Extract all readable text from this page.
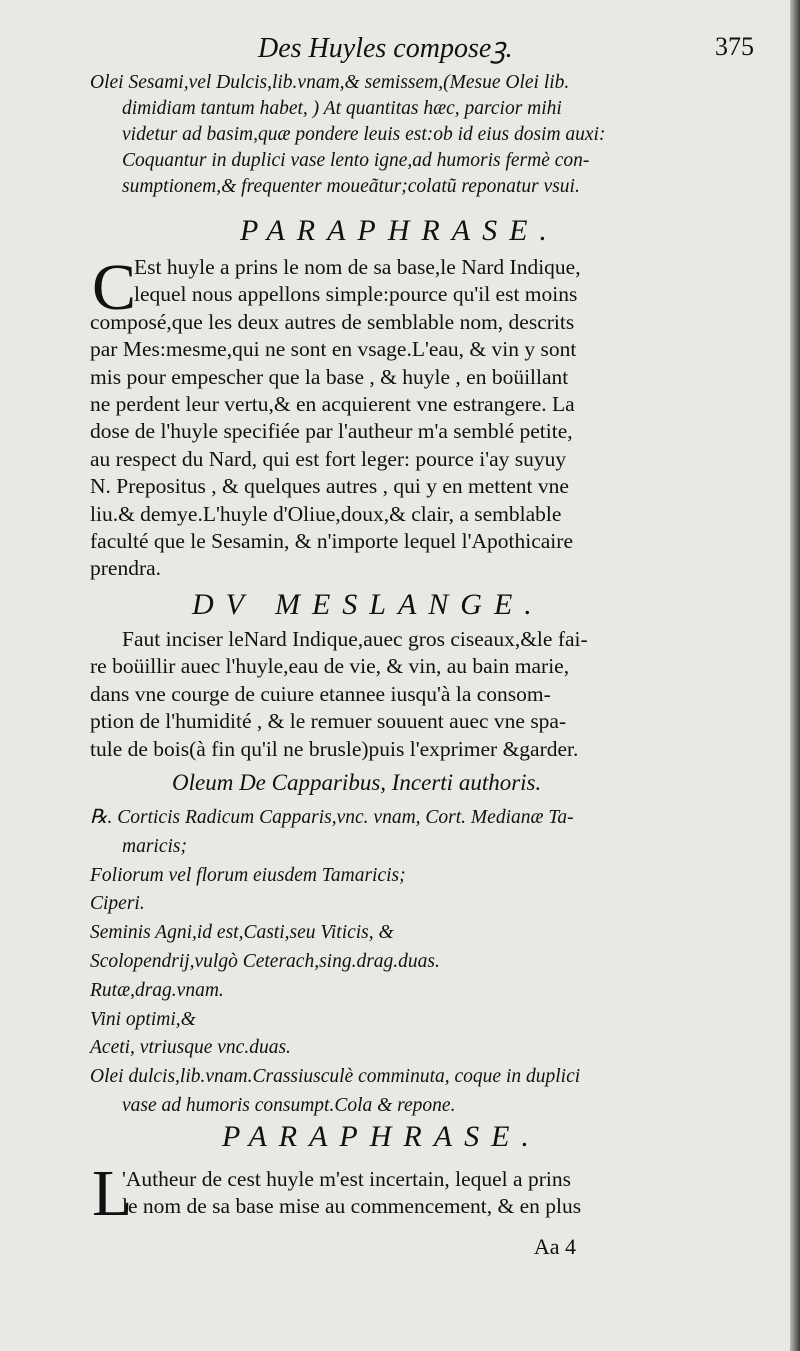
Des Huyles composeꝫ.	375
Olei Sesami,vel Dulcis,lib.vnam,& semissem,(Mesue Olei lib.
dimidiam tantum habet, ) At quantitas hæc, parcior mihi
videtur ad basim,quæ pondere leuis est:ob id eius dosim auxi:
Coquantur in duplici vase lento igne,ad humoris fermè con-
sumptionem,& frequenter moueãtur;colatũ reponatur vsui.
PARAPHRASE.
C
Est huyle a prins le nom de sa base,le Nard Indique,
lequel nous appellons simple:pource qu'il est moins
composé,que les deux autres de semblable nom, descrits
par Mes:mesme,qui ne sont en vsage.L'eau, & vin y sont
mis pour empescher que la base , & huyle , en boüillant
ne perdent leur vertu,& en acquierent vne estrangere. La
dose de l'huyle specifiée par l'autheur m'a semblé petite,
au respect du Nard, qui est fort leger: pource i'ay suyuy
N. Prepositus , & quelques autres , qui y en mettent vne
liu.& demye.L'huyle d'Oliue,doux,& clair, a semblable
faculté que le Sesamin, & n'importe lequel l'Apothicaire
prendra.
DV MESLANGE.
Faut inciser leNard Indique,auec gros ciseaux,&le fai-
re boüillir auec l'huyle,eau de vie, & vin, au bain marie,
dans vne courge de cuiure etannee iusqu'à la consom-
ption de l'humidité , & le remuer souuent auec vne spa-
tule de bois(à fin qu'il ne brusle)puis l'exprimer &garder.
Oleum De Capparibus, Incerti authoris.
℞. Corticis Radicum Capparis,vnc. vnam, Cort. Medianæ Ta-
maricis;
Foliorum vel florum eiusdem Tamaricis;
Ciperi.
Seminis Agni,id est,Casti,seu Viticis, &
Scolopendrij,vulgò Ceterach,sing.drag.duas.
Rutæ,drag.vnam.
Vini optimi,&
Aceti, vtriusque vnc.duas.
Olei dulcis,lib.vnam.Crassiusculè comminuta, coque in duplici
vase ad humoris consumpt.Cola & repone.
PARAPHRASE.
L
'Autheur de cest huyle m'est incertain, lequel a prins
le nom de sa base mise au commencement, & en plus
Aa 4
